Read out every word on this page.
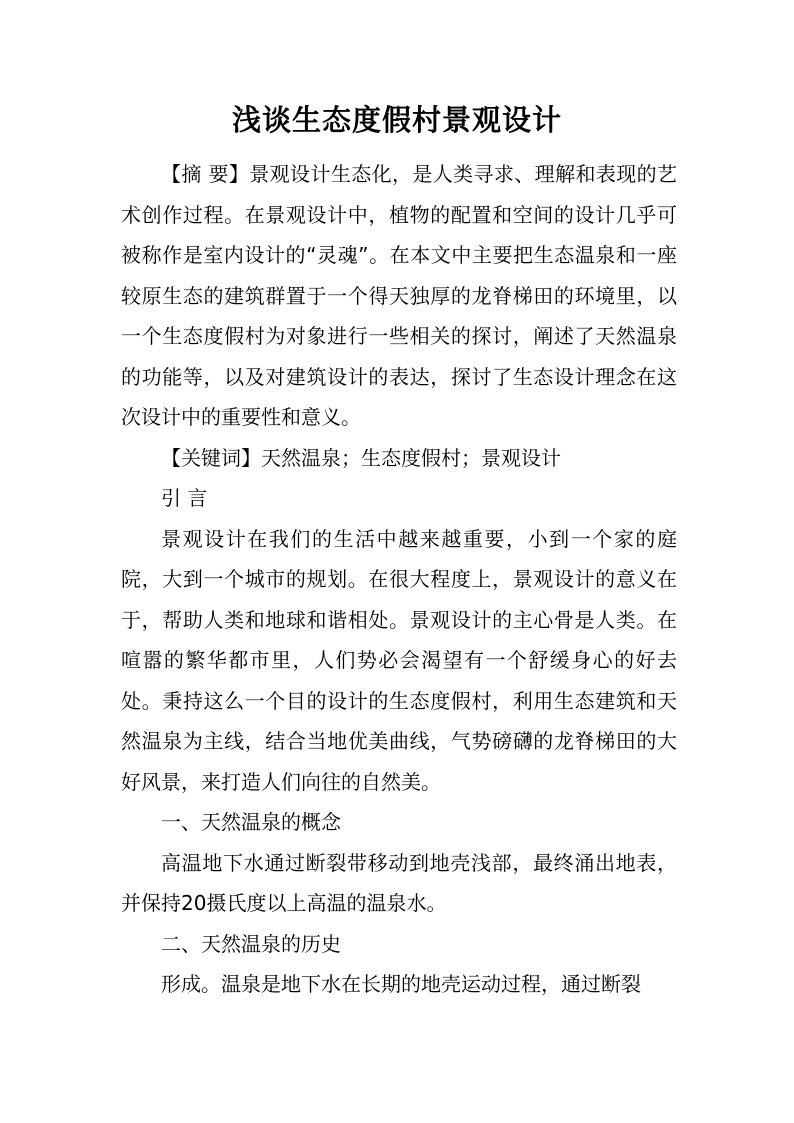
浅谈生态度假村景观设计

【摘 要】景观设计生态化，是人类寻求、理解和表现的艺术创作过程。在景观设计中，植物的配置和空间的设计几乎可被称作是室内设计的“灵魂”。在本文中主要把生态温泉和一座较原生态的建筑群置于一个得天独厚的龙脊梯田的环境里，以一个生态度假村为对象进行一些相关的探讨，阐述了天然温泉的功能等，以及对建筑设计的表达，探讨了生态设计理念在这次设计中的重要性和意义。

【关键词】天然温泉；生态度假村；景观设计

引 言

景观设计在我们的生活中越来越重要，小到一个家的庭院，大到一个城市的规划。在很大程度上，景观设计的意义在于，帮助人类和地球和谐相处。景观设计的主心骨是人类。在喧嚣的繁华都市里，人们势必会渴望有一个舒缓身心的好去处。秉持这么一个目的设计的生态度假村，利用生态建筑和天然温泉为主线，结合当地优美曲线，气势磅礴的龙脊梯田的大好风景，来打造人们向往的自然美。

一、天然温泉的概念

高温地下水通过断裂带移动到地壳浅部，最终涌出地表，并保持20摄氏度以上高温的温泉水。

二、天然温泉的历史

形成。温泉是地下水在长期的地壳运动过程，通过断裂
